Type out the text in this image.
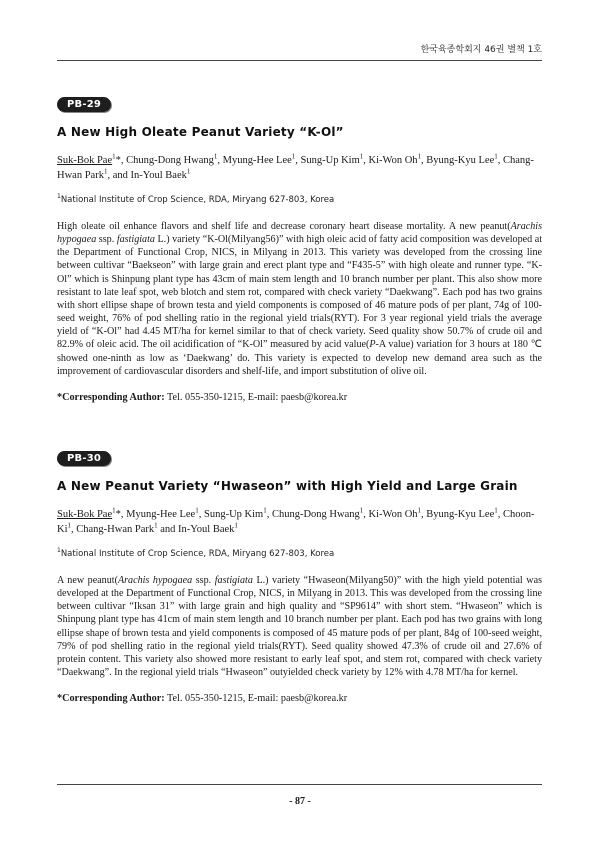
한국육종학회지 46권 별책 1호
PB-29
A New High Oleate Peanut Variety “K-Ol”
Suk-Bok Pae$^1$*, Chung-Dong Hwang$^1$, Myung-Hee Lee$^1$, Sung-Up Kim$^1$, Ki-Won Oh$^1$, Byung-Kyu Lee$^1$, Chang-Hwan Park$^1$, and In-Youl Baek$^1$
$^1$National Institute of Crop Science, RDA, Miryang 627-803, Korea
High oleate oil enhance flavors and shelf life and decrease coronary heart disease mortality. A new peanut(Arachis hypogaea ssp. fastigiata L.) variety “K-Ol(Milyang56)” with high oleic acid of fatty acid composition was developed at the Department of Functional Crop, NICS, in Milyang in 2013. This variety was developed from the crossing line between cultivar “Baekseon” with large grain and erect plant type and “F435-5” with high oleate and runner type. “K-Ol” which is Shinpung plant type has 43cm of main stem length and 10 branch number per plant. This also show more resistant to late leaf spot, web blotch and stem rot, compared with check variety “Daekwang”. Each pod has two grains with short ellipse shape of brown testa and yield components is composed of 46 mature pods of per plant, 74g of 100-seed weight, 76% of pod shelling ratio in the regional yield trials(RYT). For 3 year regional yield trials the average yield of “K-Ol” had 4.45 MT/ha for kernel similar to that of check variety. Seed quality show 50.7% of crude oil and 82.9% of oleic acid. The oil acidification of “K-Ol” measured by acid value(P-A value) variation for 3 hours at 180 ℃ showed one-ninth as low as ‘Daekwang’ do. This variety is expected to develop new demand area such as the improvement of cardiovascular disorders and shelf-life, and import substitution of olive oil.
*Corresponding Author: Tel. 055-350-1215, E-mail: paesb@korea.kr
PB-30
A New Peanut Variety “Hwaseon” with High Yield and Large Grain
Suk-Bok Pae$^1$*, Myung-Hee Lee$^1$, Sung-Up Kim$^1$, Chung-Dong Hwang$^1$, Ki-Won Oh$^1$, Byung-Kyu Lee$^1$, Choon-Ki$^1$, Chang-Hwan Park$^1$ and In-Youl Baek$^1$
$^1$National Institute of Crop Science, RDA, Miryang 627-803, Korea
A new peanut(Arachis hypogaea ssp. fastigiata L.) variety “Hwaseon(Milyang50)” with the high yield potential was developed at the Department of Functional Crop, NICS, in Milyang in 2013. This was developed from the crossing line between cultivar “Iksan 31” with large grain and high quality and “SP9614” with short stem. “Hwaseon” which is Shinpung plant type has 41cm of main stem length and 10 branch number per plant. Each pod has two grains with long ellipse shape of brown testa and yield components is composed of 45 mature pods of per plant, 84g of 100-seed weight, 79% of pod shelling ratio in the regional yield trials(RYT). Seed quality showed 47.3% of crude oil and 27.6% of protein content. This variety also showed more resistant to early leaf spot, and stem rot, compared with check variety “Daekwang”. In the regional yield trials “Hwaseon” outyielded check variety by 12% with 4.78 MT/ha for kernel.
*Corresponding Author: Tel. 055-350-1215, E-mail: paesb@korea.kr
- 87 -
